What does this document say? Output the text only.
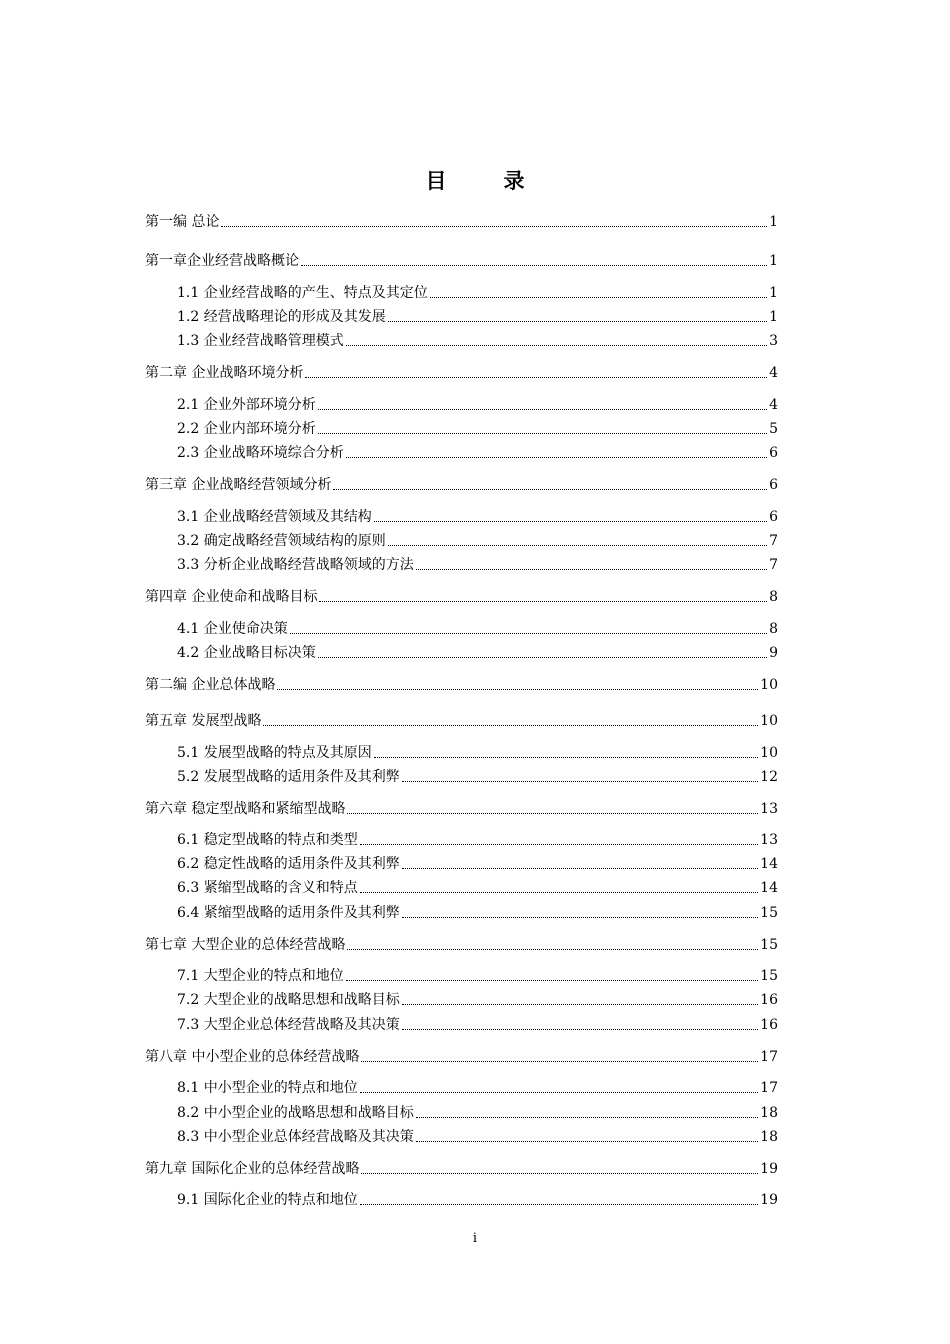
目　录
第一编 总论	1
第一章企业经营战略概论	1
1.1 企业经营战略的产生、特点及其定位	1
1.2 经营战略理论的形成及其发展	1
1.3 企业经营战略管理模式	3
第二章 企业战略环境分析	4
2.1 企业外部环境分析	4
2.2 企业内部环境分析	5
2.3 企业战略环境综合分析	6
第三章 企业战略经营领域分析	6
3.1 企业战略经营领域及其结构	6
3.2 确定战略经营领域结构的原则	7
3.3 分析企业战略经营战略领域的方法	7
第四章 企业使命和战略目标	8
4.1 企业使命决策	8
4.2 企业战略目标决策	9
第二编 企业总体战略	10
第五章 发展型战略	10
5.1 发展型战略的特点及其原因	10
5.2 发展型战略的适用条件及其利弊	12
第六章 稳定型战略和紧缩型战略	13
6.1 稳定型战略的特点和类型	13
6.2 稳定性战略的适用条件及其利弊	14
6.3 紧缩型战略的含义和特点	14
6.4 紧缩型战略的适用条件及其利弊	15
第七章 大型企业的总体经营战略	15
7.1 大型企业的特点和地位	15
7.2 大型企业的战略思想和战略目标	16
7.3 大型企业总体经营战略及其决策	16
第八章 中小型企业的总体经营战略	17
8.1 中小型企业的特点和地位	17
8.2 中小型企业的战略思想和战略目标	18
8.3 中小型企业总体经营战略及其决策	18
第九章 国际化企业的总体经营战略	19
9.1 国际化企业的特点和地位	19
i
